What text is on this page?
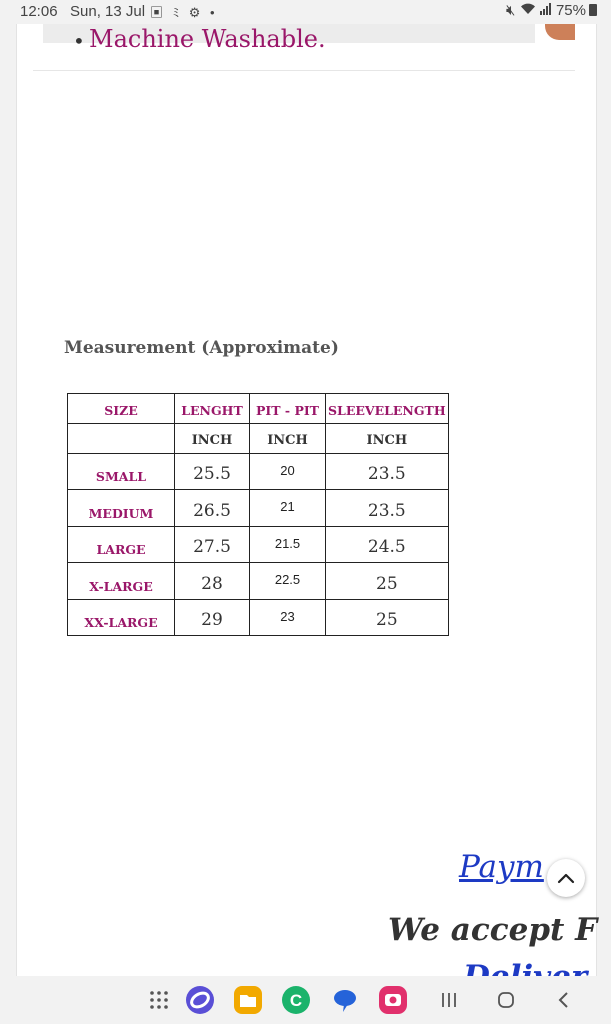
12:06 Sun, 13 Jul ▣ ﾐ ⚙ •	🔇︎	75%
• Machine Washable.
Measurement (Approximate)
SIZE	LENGHT	PIT - PIT	SLEEVELENGTH
	INCH	INCH	INCH
SMALL	25.5	20	23.5
MEDIUM	26.5	21	23.5
LARGE	27.5	21.5	24.5
X-LARGE	28	22.5	25
XX-LARGE	29	23	25
Paym
We accept F
C
